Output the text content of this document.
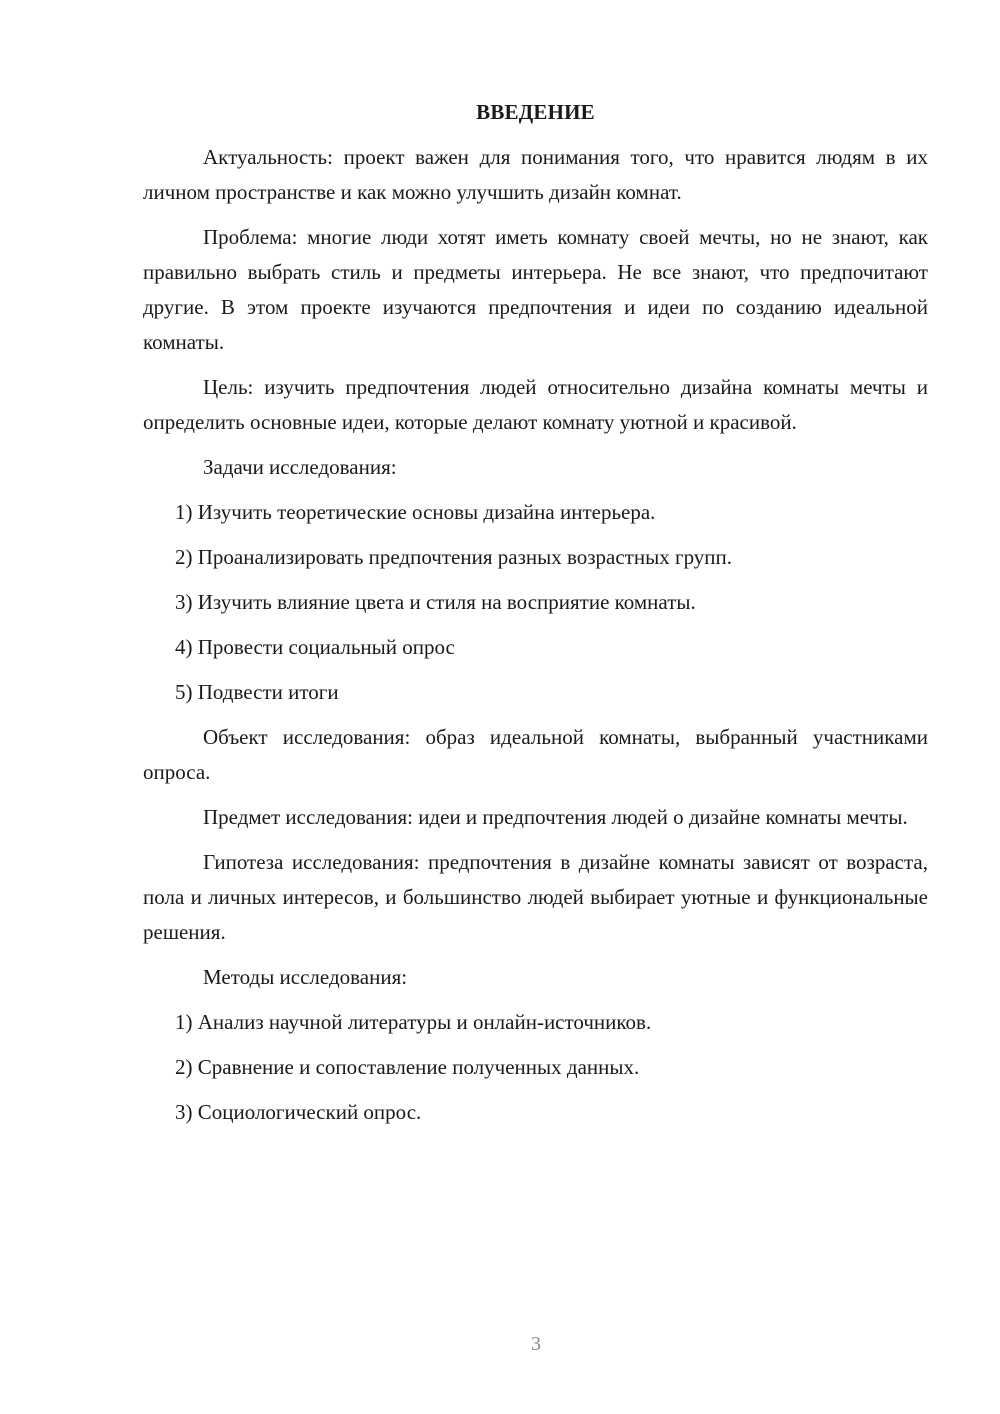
ВВЕДЕНИЕ

Актуальность: проект важен для понимания того, что нравится людям в их личном пространстве и как можно улучшить дизайн комнат.

Проблема: многие люди хотят иметь комнату своей мечты, но не знают, как правильно выбрать стиль и предметы интерьера. Не все знают, что предпочитают другие. В этом проекте изучаются предпочтения и идеи по созданию идеальной комнаты.

Цель: изучить предпочтения людей относительно дизайна комнаты мечты и определить основные идеи, которые делают комнату уютной и красивой.

Задачи исследования:

1) Изучить теоретические основы дизайна интерьера.

2) Проанализировать предпочтения разных возрастных групп.

3) Изучить влияние цвета и стиля на восприятие комнаты.

4) Провести социальный опрос

5) Подвести итоги

Объект исследования: образ идеальной комнаты, выбранный участниками опроса.

Предмет исследования: идеи и предпочтения людей о дизайне комнаты мечты.

Гипотеза исследования: предпочтения в дизайне комнаты зависят от возраста, пола и личных интересов, и большинство людей выбирает уютные и функциональные решения.

Методы исследования:

1) Анализ научной литературы и онлайн-источников.

2) Сравнение и сопоставление полученных данных.

3) Социологический опрос.

3
